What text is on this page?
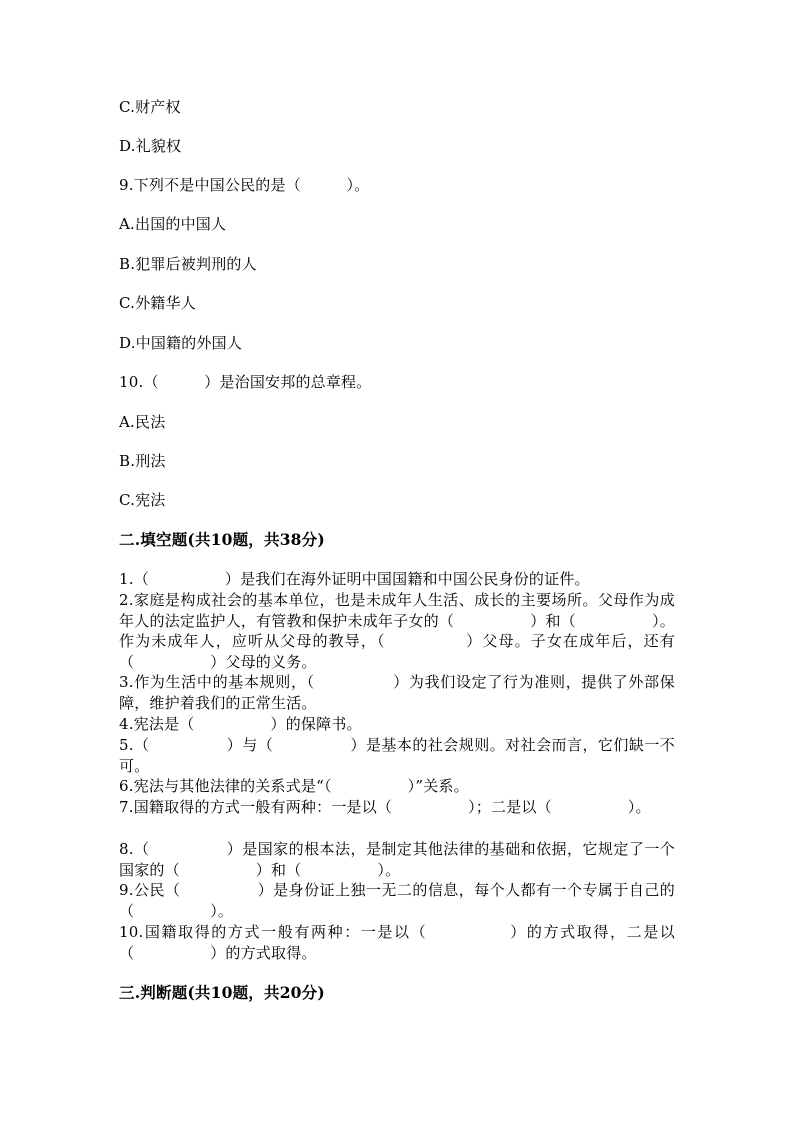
C.财产权
D.礼貌权
9.下列不是中国公民的是（　　　）。
A.出国的中国人
B.犯罪后被判刑的人
C.外籍华人
D.中国籍的外国人
10.（　　　）是治国安邦的总章程。
A.民法
B.刑法
C.宪法
二.填空题(共10题，共38分)
1.（　　　　　）是我们在海外证明中国国籍和中国公民身份的证件。
2.家庭是构成社会的基本单位，也是未成年人生活、成长的主要场所。父母作为成年人的法定监护人，有管教和保护未成年子女的（　　　　　）和（　　　　　）。作为未成年人，应听从父母的教导，（　　　　　）父母。子女在成年后，还有（　　　　　）父母的义务。
3.作为生活中的基本规则，（　　　　　）为我们设定了行为准则，提供了外部保障，维护着我们的正常生活。
4.宪法是（　　　　　）的保障书。
5.（　　　　　）与（　　　　　）是基本的社会规则。对社会而言，它们缺一不可。
6.宪法与其他法律的关系式是“（　　　　　）”关系。
7.国籍取得的方式一般有两种：一是以（　　　　　）；二是以（　　　　　）。
8.（　　　　　）是国家的根本法，是制定其他法律的基础和依据，它规定了一个国家的（　　　　　）和（　　　　　）。
9.公民（　　　　　）是身份证上独一无二的信息，每个人都有一个专属于自己的（　　　　　）。
10.国籍取得的方式一般有两种：一是以（　　　　　）的方式取得，二是以（　　　　　）的方式取得。
三.判断题(共10题，共20分)
